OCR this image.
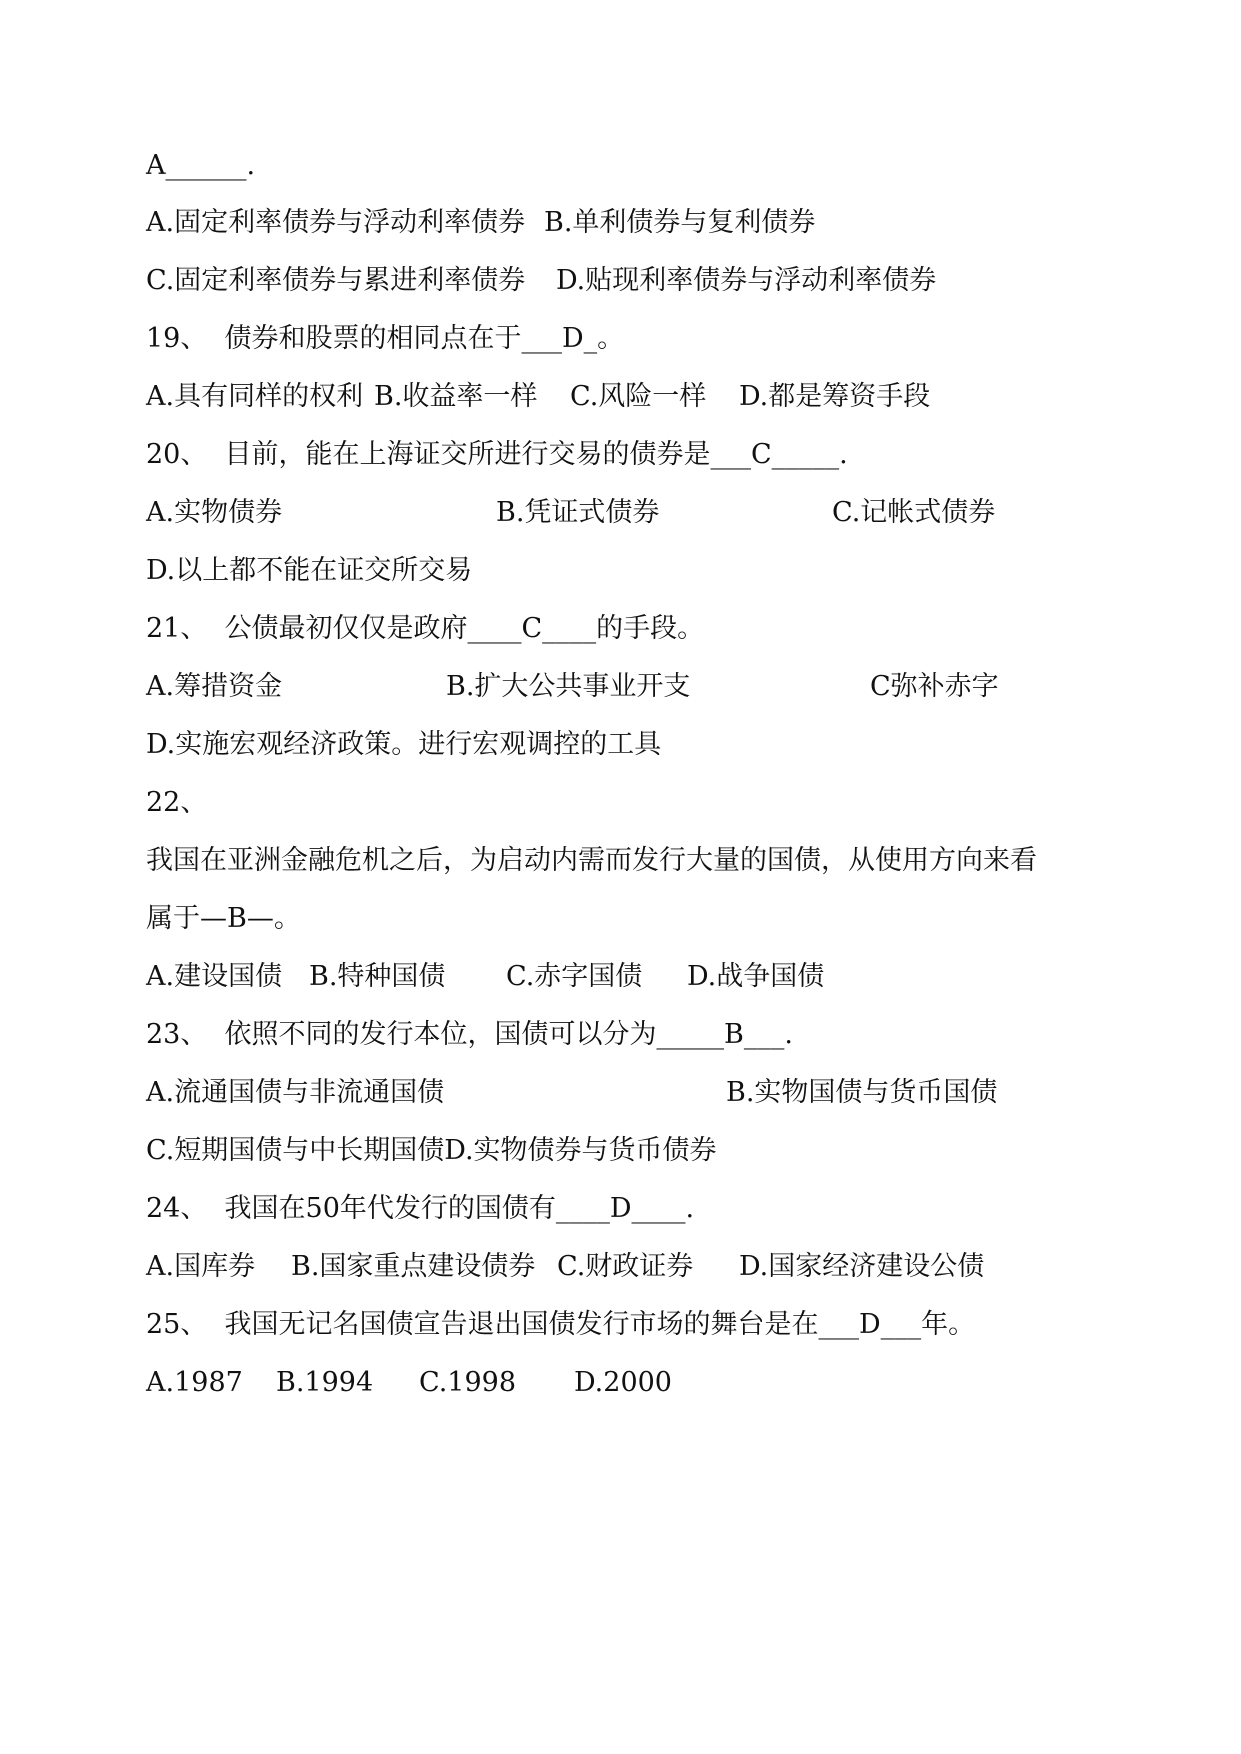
A______.

A.固定利率债券与浮动利率债券

B.单利债券与复利债券

C.固定利率债券与累进利率债券

D.贴现利率债券与浮动利率债券

19、  债券和股票的相同点在于___D_。

A.具有同样的权利

B.收益率一样

C.风险一样

D.都是筹资手段

20、  目前，能在上海证交所进行交易的债券是___C_____.

A.实物债券

	B.凭证式债券

	C.记帐式债券

D.以上都不能在证交所交易

21、  公债最初仅仅是政府____C____的手段。

A.筹措资金

	B.扩大公共事业开支

	C弥补赤字

D.实施宏观经济政策。进行宏观调控的工具

22、

我国在亚洲金融危机之后，为启动内需而发行大量的国债，从使用方向来看

属于—B—。

A.建设国债

B.特种国债

C.赤字国债

D.战争国债

23、  依照不同的发行本位，国债可以分为_____B___.

A.流通国债与非流通国债

	B.实物国债与货币国债

C.短期国债与中长期国债D.实物债券与货币债券

24、  我国在50年代发行的国债有____D____.

A.国库券

B.国家重点建设债券

C.财政证券

D.国家经济建设公债

25、  我国无记名国债宣告退出国债发行市场的舞台是在___D___年。

A.1987

B.1994

C.1998

D.2000
